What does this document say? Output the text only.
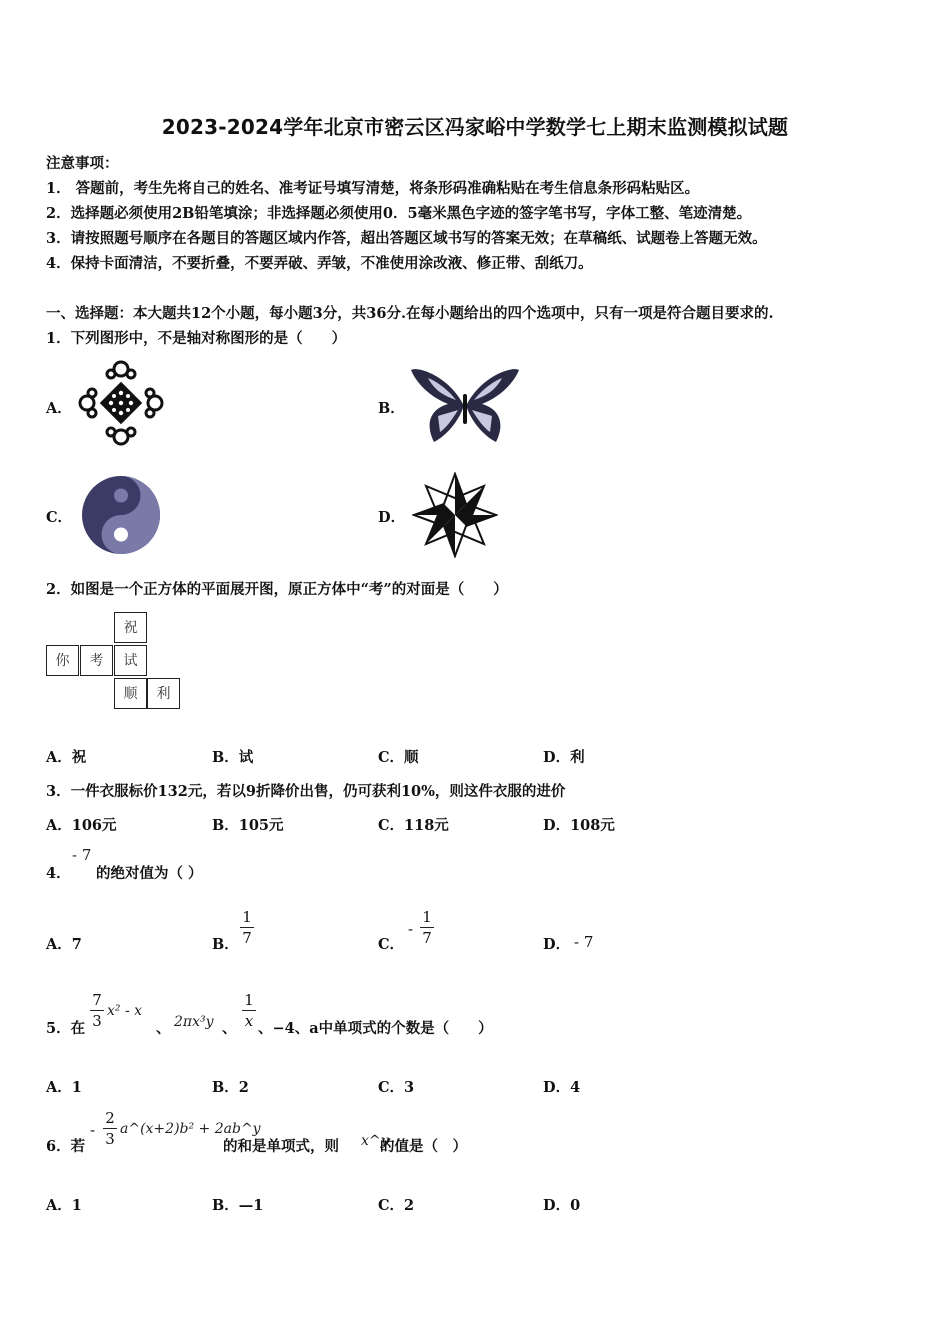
2023-2024学年北京市密云区冯家峪中学数学七上期末监测模拟试题
注意事项：
1． 答题前，考生先将自己的姓名、准考证号填写清楚，将条形码准确粘贴在考生信息条形码粘贴区。
2．选择题必须使用2B铅笔填涂；非选择题必须使用0．5毫米黑色字迹的签字笔书写，字体工整、笔迹清楚。
3．请按照题号顺序在各题目的答题区域内作答，超出答题区域书写的答案无效；在草稿纸、试题卷上答题无效。
4．保持卡面清洁，不要折叠，不要弄破、弄皱，不准使用涂改液、修正带、刮纸刀。
一、选择题：本大题共12个小题，每小题3分，共36分.在每小题给出的四个选项中，只有一项是符合题目要求的.
1．下列图形中，不是轴对称图形的是（　　）
A．	B．
C．	D．
2．如图是一个正方体的平面展开图，原正方体中“考”的对面是（　　）
祝
你	考	试
顺	利
A．祝	B．试	C．顺	D．利
3．一件衣服标价132元，若以9折降价出售，仍可获利10%，则这件衣服的进价
A．106元	B．105元	C．118元	D．108元
4．
- 7
的绝对值为（ ）
A．7	B．
1
7	C．
-
1
7	D． - 7
5．在
7
3
x² - x
、 2πx³y 、
1
x 、−4、a中单项式的个数是（　　）
A．1	B．2	C．3	D．4
6．若
-
2
3
a^(x+2)b² + 2ab^y
的和是单项式，则 x^y
的值是（　）
A．1	B．—1	C．2	D．0
